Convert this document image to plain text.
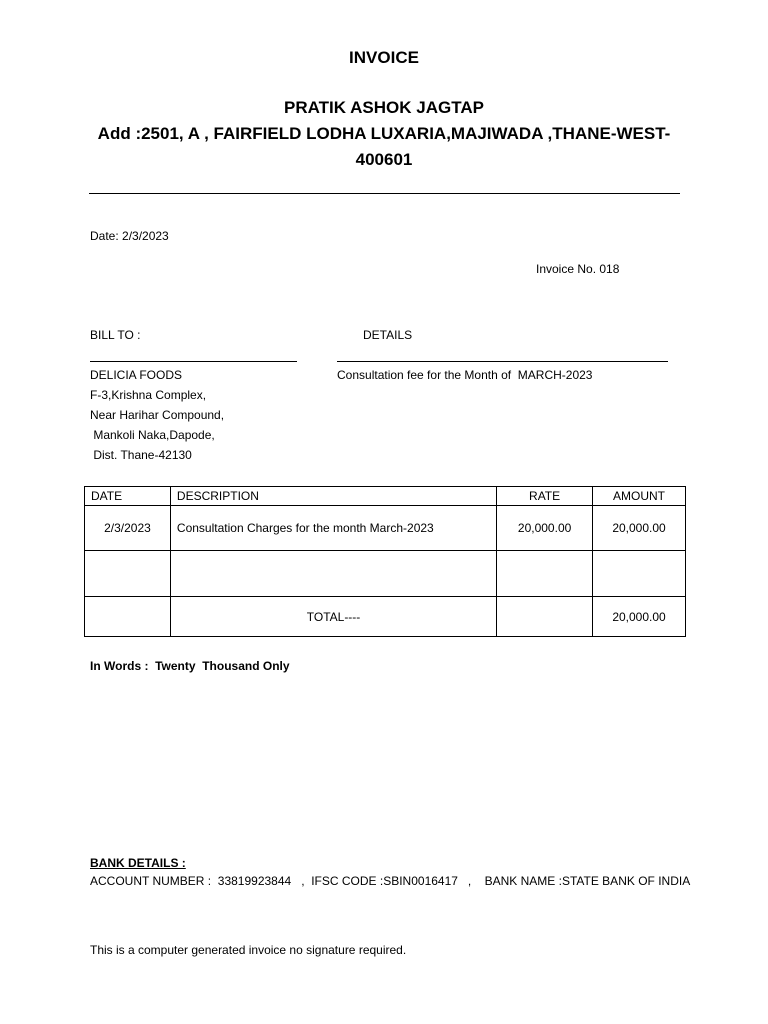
INVOICE
PRATIK ASHOK JAGTAP
Add :2501, A , FAIRFIELD LODHA LUXARIA,MAJIWADA ,THANE-WEST-
400601
Date: 2/3/2023
Invoice No. 018
BILL TO :	DETAILS
DELICIA FOODS
F-3,Krishna Complex,
Near Harihar Compound,
Mankoli Naka,Dapode,
Dist. Thane-42130
Consultation fee for the Month of  MARCH-2023
DATE	DESCRIPTION	RATE	AMOUNT
2/3/2023	Consultation Charges for the month March-2023	20,000.00	20,000.00

	TOTAL----		20,000.00
In Words :  Twenty  Thousand Only
BANK DETAILS :
ACCOUNT NUMBER :  33819923844   ,  IFSC CODE :SBIN0016417   ,    BANK NAME :STATE BANK OF INDIA
This is a computer generated invoice no signature required.
